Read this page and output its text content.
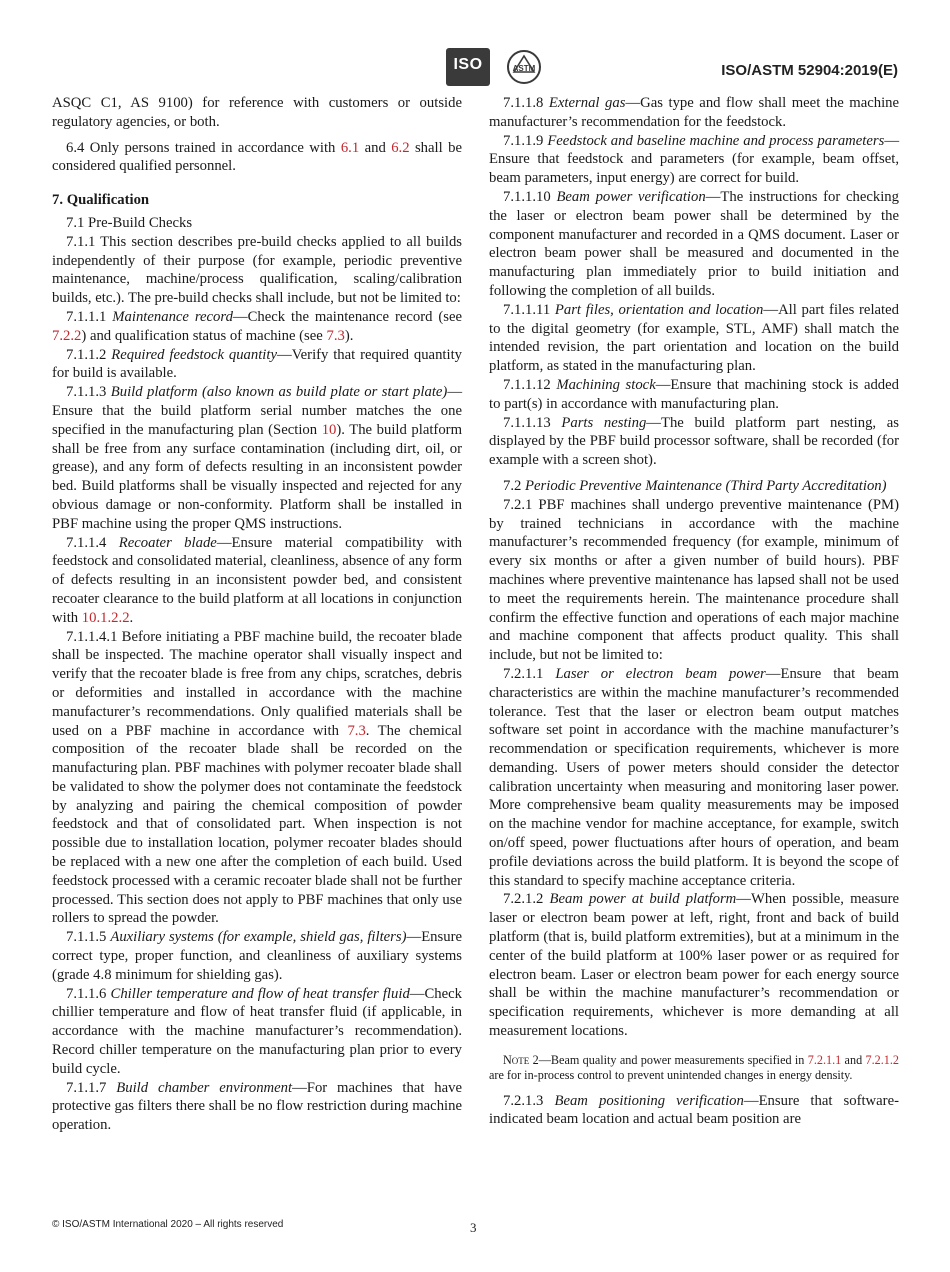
ISO	ASTM	ISO/ASTM 52904:2019(E)

ASQC C1, AS 9100) for reference with customers or outside regulatory agencies, or both.

6.4 Only persons trained in accordance with 6.1 and 6.2 shall be considered qualified personnel.

7. Qualification

7.1 Pre-Build Checks

7.1.1 This section describes pre-build checks applied to all builds independently of their purpose (for example, periodic preventive maintenance, machine/process qualification, scaling/calibration builds, etc.). The pre-build checks shall include, but not be limited to:

7.1.1.1 Maintenance record—Check the maintenance record (see 7.2.2) and qualification status of machine (see 7.3).

7.1.1.2 Required feedstock quantity—Verify that required quantity for build is available.

7.1.1.3 Build platform (also known as build plate or start plate)—Ensure that the build platform serial number matches the one specified in the manufacturing plan (Section 10). The build platform shall be free from any surface contamination (including dirt, oil, or grease), and any form of defects resulting in an inconsistent powder bed. Build platforms shall be visually inspected and rejected for any obvious damage or non-conformity. Platform shall be installed in PBF machine using the proper QMS instructions.

7.1.1.4 Recoater blade—Ensure material compatibility with feedstock and consolidated material, cleanliness, absence of any form of defects resulting in an inconsistent powder bed, and consistent recoater clearance to the build platform at all locations in conjunction with 10.1.2.2.

7.1.1.4.1 Before initiating a PBF machine build, the recoater blade shall be inspected. The machine operator shall visually inspect and verify that the recoater blade is free from any chips, scratches, debris or deformities and installed in accordance with the machine manufacturer’s recommendations. Only qualified materials shall be used on a PBF machine in accordance with 7.3. The chemical composition of the recoater blade shall be recorded on the manufacturing plan. PBF machines with polymer recoater blade shall be validated to show the polymer does not contaminate the feedstock by analyzing and pairing the chemical composition of powder feedstock and that of consolidated part. When inspection is not possible due to installation location, polymer recoater blades should be replaced with a new one after the completion of each build. Used feedstock processed with a ceramic recoater blade shall not be further processed. This section does not apply to PBF machines that only use rollers to spread the powder.

7.1.1.5 Auxiliary systems (for example, shield gas, filters)—Ensure correct type, proper function, and cleanliness of auxiliary systems (grade 4.8 minimum for shielding gas).

7.1.1.6 Chiller temperature and flow of heat transfer fluid—Check chillier temperature and flow of heat transfer fluid (if applicable, in accordance with the machine manufacturer’s recommendation). Record chiller temperature on the manufacturing plan prior to every build cycle.

7.1.1.7 Build chamber environment—For machines that have protective gas filters there shall be no flow restriction during machine operation.

7.1.1.8 External gas—Gas type and flow shall meet the machine manufacturer’s recommendation for the feedstock.

7.1.1.9 Feedstock and baseline machine and process parameters—Ensure that feedstock and parameters (for example, beam offset, beam parameters, input energy) are correct for build.

7.1.1.10 Beam power verification—The instructions for checking the laser or electron beam power shall be determined by the component manufacturer and recorded in a QMS document. Laser or electron beam power shall be measured and documented in the manufacturing plan immediately prior to build initiation and following the completion of all builds.

7.1.1.11 Part files, orientation and location—All part files related to the digital geometry (for example, STL, AMF) shall match the intended revision, the part orientation and location on the build platform, as stated in the manufacturing plan.

7.1.1.12 Machining stock—Ensure that machining stock is added to part(s) in accordance with manufacturing plan.

7.1.1.13 Parts nesting—The build platform part nesting, as displayed by the PBF build processor software, shall be recorded (for example with a screen shot).

7.2 Periodic Preventive Maintenance (Third Party Accreditation)

7.2.1 PBF machines shall undergo preventive maintenance (PM) by trained technicians in accordance with the machine manufacturer’s recommended frequency (for example, minimum of every six months or after a given number of build hours). PBF machines where preventive maintenance has lapsed shall not be used to meet the requirements herein. The maintenance procedure shall confirm the effective function and operations of each major machine and machine component that affects product quality. This shall include, but not be limited to:

7.2.1.1 Laser or electron beam power—Ensure that beam characteristics are within the machine manufacturer’s recommended tolerance. Test that the laser or electron beam output matches software set point in accordance with the machine manufacturer’s recommendation or specification requirements, whichever is more demanding. Users of power meters should consider the detector calibration uncertainty when measuring and monitoring laser power. More comprehensive beam quality measurements may be imposed on the machine vendor for machine acceptance, for example, switch on/off speed, power fluctuations after hours of operation, and beam profile deviations across the build platform. It is beyond the scope of this standard to specify machine acceptance criteria.

7.2.1.2 Beam power at build platform—When possible, measure laser or electron beam power at left, right, front and back of build platform (that is, build platform extremities), but at a minimum in the center of the build platform at 100% laser power or as required for electron beam. Laser or electron beam power for each energy source shall be within the machine manufacturer’s recommendation or specification requirements, whichever is more demanding at all measurement locations.

Note 2—Beam quality and power measurements specified in 7.2.1.1 and 7.2.1.2 are for in-process control to prevent unintended changes in energy density.

7.2.1.3 Beam positioning verification—Ensure that software-indicated beam location and actual beam position are

© ISO/ASTM International 2020 – All rights reserved	3
